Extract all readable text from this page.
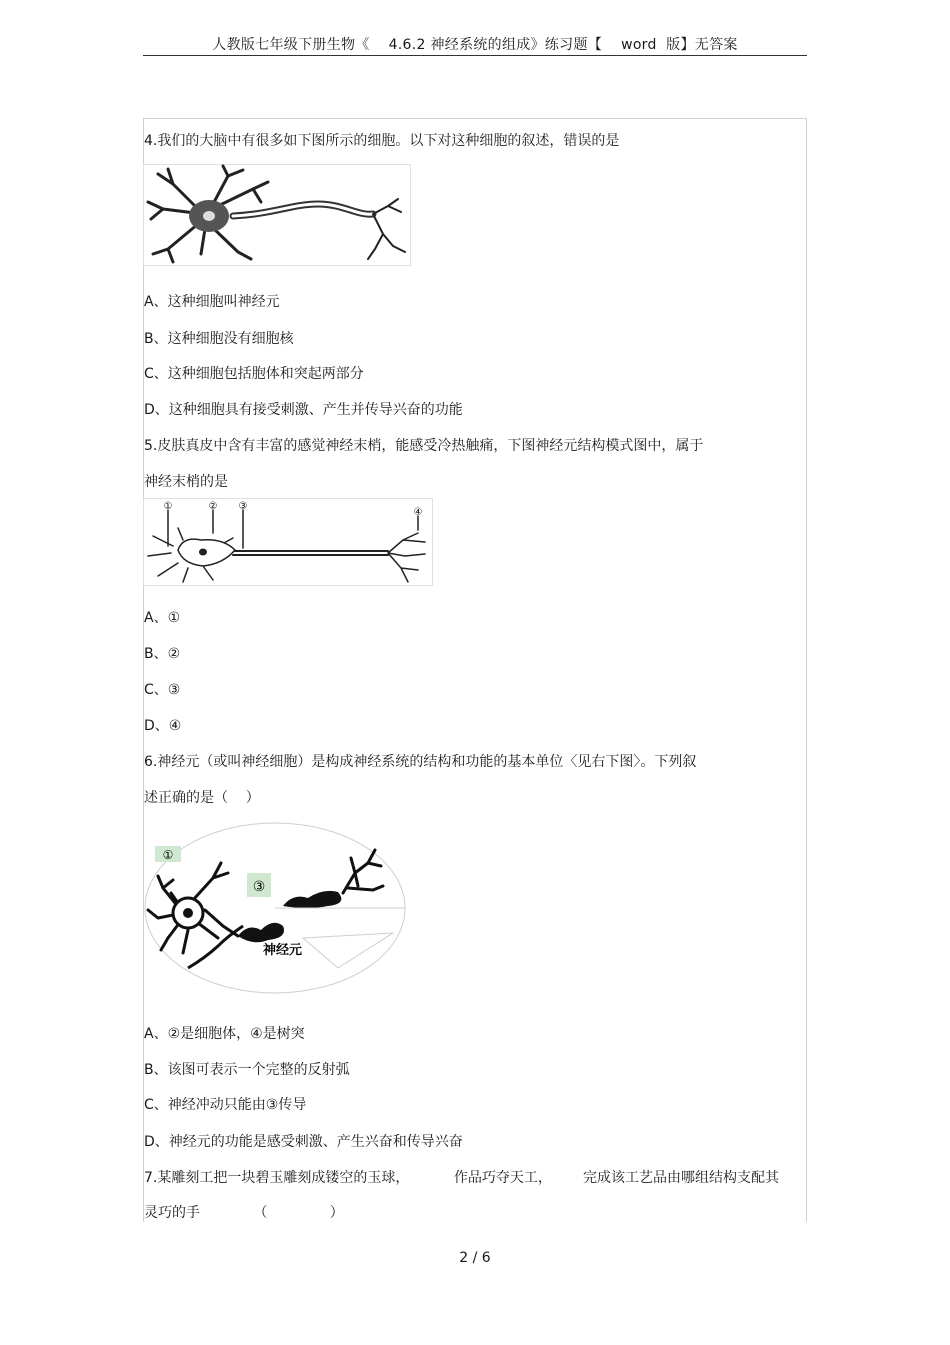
人教版七年级下册生物《    4.6.2 神经系统的组成》练习题【    word  版】无答案
4.我们的大脑中有很多如下图所示的细胞。以下对这种细胞的叙述，错误的是
A、这种细胞叫神经元
B、这种细胞没有细胞核
C、这种细胞包括胞体和突起两部分
D、这种细胞具有接受刺激、产生并传导兴奋的功能
5.皮肤真皮中含有丰富的感觉神经末梢，能感受冷热触痛，下图神经元结构模式图中，属于
神经末梢的是
①	② ③
④
A、①
B、②
C、③
D、④
6.神经元（或叫神经细胞）是构成神经系统的结构和功能的基本单位〈见右下图〉。下列叙
述正确的是（    ）
①
③
神经元
A、②是细胞体，④是树突
B、该图可表示一个完整的反射弧
C、神经冲动只能由③传导
D、神经元的功能是感受刺激、产生兴奋和传导兴奋
7.某雕刻工把一块碧玉雕刻成镂空的玉球，          作品巧夺天工，       完成该工艺品由哪组结构支配其
灵巧的手            （              ）
2 / 6
